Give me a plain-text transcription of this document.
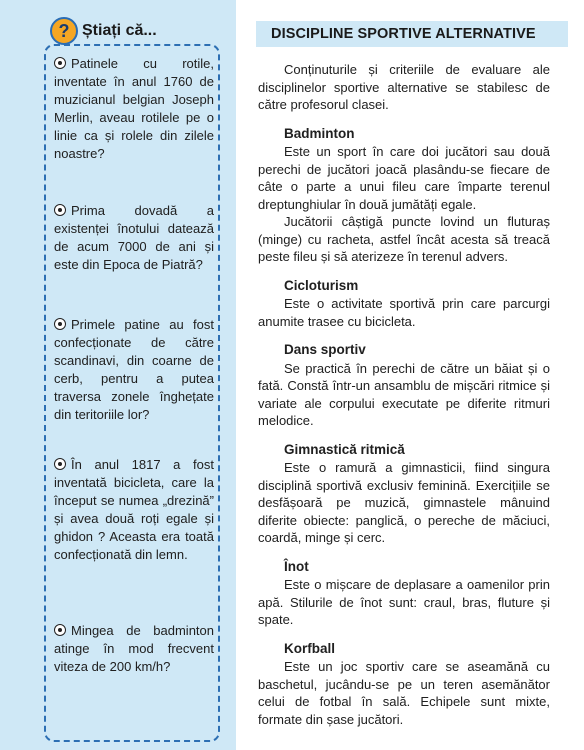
? Știați că...
Patinele cu rotile, inventate în anul 1760 de muzicianul belgian Joseph Merlin, aveau rotilele pe o linie ca și rolele din zilele noastre?
Prima dovadă a existenței înotului datează de acum 7000 de ani și este din Epoca de Piatră?
Primele patine au fost confecționate de către scandinavi, din coarne de cerb, pentru a putea traversa zonele înghețate din teritoriile lor?
În anul 1817 a fost inventată bicicleta, care la început se numea „drezină” și avea două roți egale și ghidon ? Aceasta era toată confecționată din lemn.
Mingea de badminton atinge în mod frecvent viteza de 200 km/h?
DISCIPLINE SPORTIVE ALTERNATIVE

Conținuturile și criteriile de evaluare ale disciplinelor sportive alternative se stabilesc de către profesorul clasei.

Badminton

Este un sport în care doi jucători sau două perechi de jucători joacă plasându-se fiecare de câte o parte a unui fileu care împarte terenul dreptunghiular în două jumătăți egale.

Jucătorii câștigă puncte lovind un fluturaș (minge) cu racheta, astfel încât acesta să treacă peste fileu și să aterizeze în terenul advers.

Cicloturism

Este o activitate sportivă prin care parcurgi anumite trasee cu bicicleta.

Dans sportiv

Se practică în perechi de către un băiat și o fată. Constă într-un ansamblu de mișcări ritmice și variate ale corpului executate pe diferite ritmuri melodice.

Gimnastică ritmică

Este o ramură a gimnasticii, fiind singura disciplină sportivă exclusiv feminină. Exercițiile se desfășoară pe muzică, gimnastele mânuind diferite obiecte: panglică, o pereche de măciuci, coardă, minge și cerc.

Înot

Este o mișcare de deplasare a oamenilor prin apă. Stilurile de înot sunt: craul, bras, fluture și spate.

Korfball

Este un joc sportiv care se aseamănă cu baschetul, jucându-se pe un teren asemănător celui de fotbal în sală. Echipele sunt mixte, formate din șase jucători.
